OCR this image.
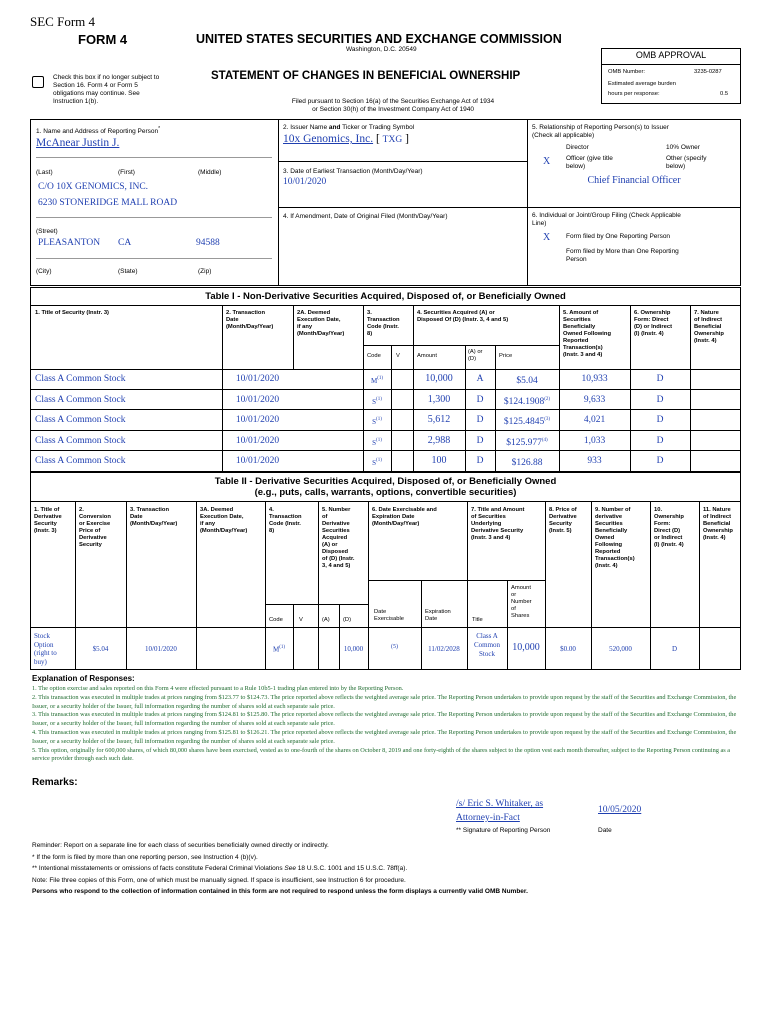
SEC Form 4
FORM 4	UNITED STATES SECURITIES AND EXCHANGE COMMISSION
Washington, D.C. 20549
Check this box if no longer subject to
Section 16. Form 4 or Form 5
obligations may continue. See
Instruction 1(b).
STATEMENT OF CHANGES IN BENEFICIAL OWNERSHIP
Filed pursuant to Section 16(a) of the Securities Exchange Act of 1934
or Section 30(h) of the Investment Company Act of 1940
OMB APPROVAL
OMB Number:	3235-0287
Estimated average burden
hours per response:	0.5
1. Name and Address of Reporting Person*
McAnear Justin J.
(Last)	(First)	(Middle)
C/O 10X GENOMICS, INC.
6230 STONERIDGE MALL ROAD
(Street)
PLEASANTON CA	94588
(City)	(State)	(Zip)
2. Issuer Name and Ticker or Trading Symbol
10x Genomics, Inc. [ TXG ]
3. Date of Earliest Transaction (Month/Day/Year)
10/01/2020
4. If Amendment, Date of Original Filed (Month/Day/Year)
5. Relationship of Reporting Person(s) to Issuer
(Check all applicable)
Director	10% Owner
X Officer (give title
below)
Other (specify
below)
Chief Financial Officer
6. Individual or Joint/Group Filing (Check Applicable
Line)
X Form filed by One Reporting Person
Form filed by More than One Reporting
Person
Table I - Non-Derivative Securities Acquired, Disposed of, or Beneficially Owned
1. Title of Security (Instr. 3)	2. Transaction
Date
(Month/Day/Year)
2A. Deemed
Execution Date,
if any
(Month/Day/Year)
3.
Transaction
Code (Instr.
8)
4. Securities Acquired (A) or
Disposed Of (D) (Instr. 3, 4 and 5)
5. Amount of
Securities
Beneficially
Owned Following
Reported
Transaction(s)
(Instr. 3 and 4)
6. Ownership
Form: Direct
(D) or Indirect
(I) (Instr. 4)
7. Nature
of Indirect
Beneficial
Ownership
(Instr. 4)
Code	V	Amount
(A) or
(D)	Price
Class A Common Stock	10/01/2020	$M^{(1)}$	10,000	A	$5.04	10,933	D
Class A Common Stock	10/01/2020	$S^{(1)}$	1,300	D	$124.1908$^{(2)}$	9,633	D
Class A Common Stock	10/01/2020	$S^{(1)}$	5,612	D	$125.4845$^{(3)}$	4,021	D
Class A Common Stock	10/01/2020	$S^{(1)}$	2,988	D	$125.977$^{(4)}$	1,033	D
Class A Common Stock	10/01/2020	$S^{(1)}$	100	D	$126.88	933	D
Table II - Derivative Securities Acquired, Disposed of, or Beneficially Owned
(e.g., puts, calls, warrants, options, convertible securities)
1. Title of
Derivative
Security
(Instr. 3)
2.
Conversion
or Exercise
Price of
Derivative
Security
3. Transaction
Date
(Month/Day/Year)
3A. Deemed
Execution Date,
if any
(Month/Day/Year)
4.
Transaction
Code (Instr.
8)
5. Number
of
Derivative
Securities
Acquired
(A) or
Disposed
of (D) (Instr.
3, 4 and 5)
6. Date Exercisable and
Expiration Date
(Month/Day/Year)
7. Title and Amount
of Securities
Underlying
Derivative Security
(Instr. 3 and 4)
8. Price of
Derivative
Security
(Instr. 5)
9. Number of
derivative
Securities
Beneficially
Owned
Following
Reported
Transaction(s)
(Instr. 4)
10.
Ownership
Form:
Direct (D)
or Indirect
(I) (Instr. 4)
11. Nature
of Indirect
Beneficial
Ownership
(Instr. 4)
Code	V	(A) (D)
Date
Exercisable
Expiration
Date	Title
Amount
or
Number
of
Shares
Stock
Option
(right to
buy)
$5.04	10/01/2020	$M^{(1)}$	10,000	(5)	11/02/2028
Class A
Common
Stock
10,000	$0.00	520,000	D
Explanation of Responses:
1. The option exercise and sales reported on this Form 4 were effected pursuant to a Rule 10b5-1 trading plan entered into by the Reporting Person.
2. This transaction was executed in multiple trades at prices ranging from $123.77 to $124.73. The price reported above reflects the weighted average sale price. The Reporting Person undertakes to provide upon request by the staff of the Securities and Exchange Commission, the Issuer, or a security holder of the Issuer, full information regarding the number of shares sold at each separate sale price.
3. This transaction was executed in multiple trades at prices ranging from $124.81 to $125.80. The price reported above reflects the weighted average sale price. The Reporting Person undertakes to provide upon request by the staff of the Securities and Exchange Commission, the Issuer, or a security holder of the Issuer, full information regarding the number of shares sold at each separate sale price.
4. This transaction was executed in multiple trades at prices ranging from $125.81 to $126.21. The price reported above reflects the weighted average sale price. The Reporting Person undertakes to provide upon request by the staff of the Securities and Exchange Commission, the Issuer, or a security holder of the Issuer, full information regarding the number of shares sold at each separate sale price.
5. This option, originally for 600,000 shares, of which 80,000 shares have been exercised, vested as to one-fourth of the shares on October 8, 2019 and one forty-eighth of the shares subject to the option vest each month thereafter, subject to the Reporting Person continuing as a service provider through each such date.
Remarks:
/s/ Eric S. Whitaker, as
Attorney-in-Fact
10/05/2020
** Signature of Reporting Person	Date
Reminder: Report on a separate line for each class of securities beneficially owned directly or indirectly.
* If the form is filed by more than one reporting person, see Instruction 4 (b)(v).
** Intentional misstatements or omissions of facts constitute Federal Criminal Violations See 18 U.S.C. 1001 and 15 U.S.C. 78ff(a).
Note: File three copies of this Form, one of which must be manually signed. If space is insufficient, see Instruction 6 for procedure.
Persons who respond to the collection of information contained in this form are not required to respond unless the form displays a currently valid OMB Number.
